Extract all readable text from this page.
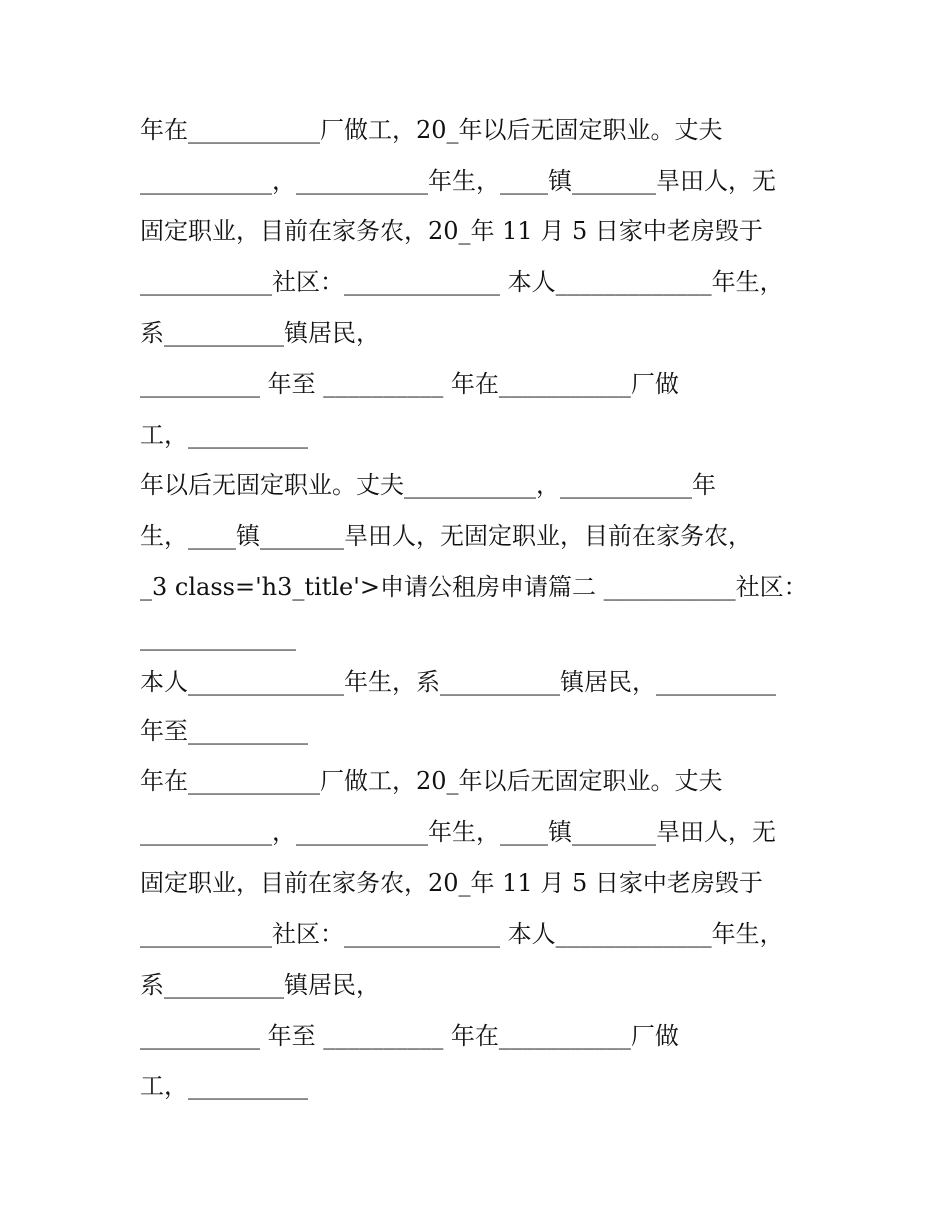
年在___________厂做工，20_年以后无固定职业。丈夫
___________，___________年生，____镇_______旱田人，无
固定职业，目前在家务农，20_年 11 月 5 日家中老房毁于
___________社区：_____________ 本人_____________年生，
系__________镇居民，
__________ 年至 __________ 年在___________厂做
工，__________
年以后无固定职业。丈夫___________，___________年
生，____镇_______旱田人，无固定职业，目前在家务农，
_3 class='h3_title'>申请公租房申请篇二 ___________社区：
_____________
本人_____________年生，系__________镇居民，__________
年至__________
年在___________厂做工，20_年以后无固定职业。丈夫
___________，___________年生，____镇_______旱田人，无
固定职业，目前在家务农，20_年 11 月 5 日家中老房毁于
___________社区：_____________ 本人_____________年生，
系__________镇居民，
__________ 年至 __________ 年在___________厂做
工，__________
